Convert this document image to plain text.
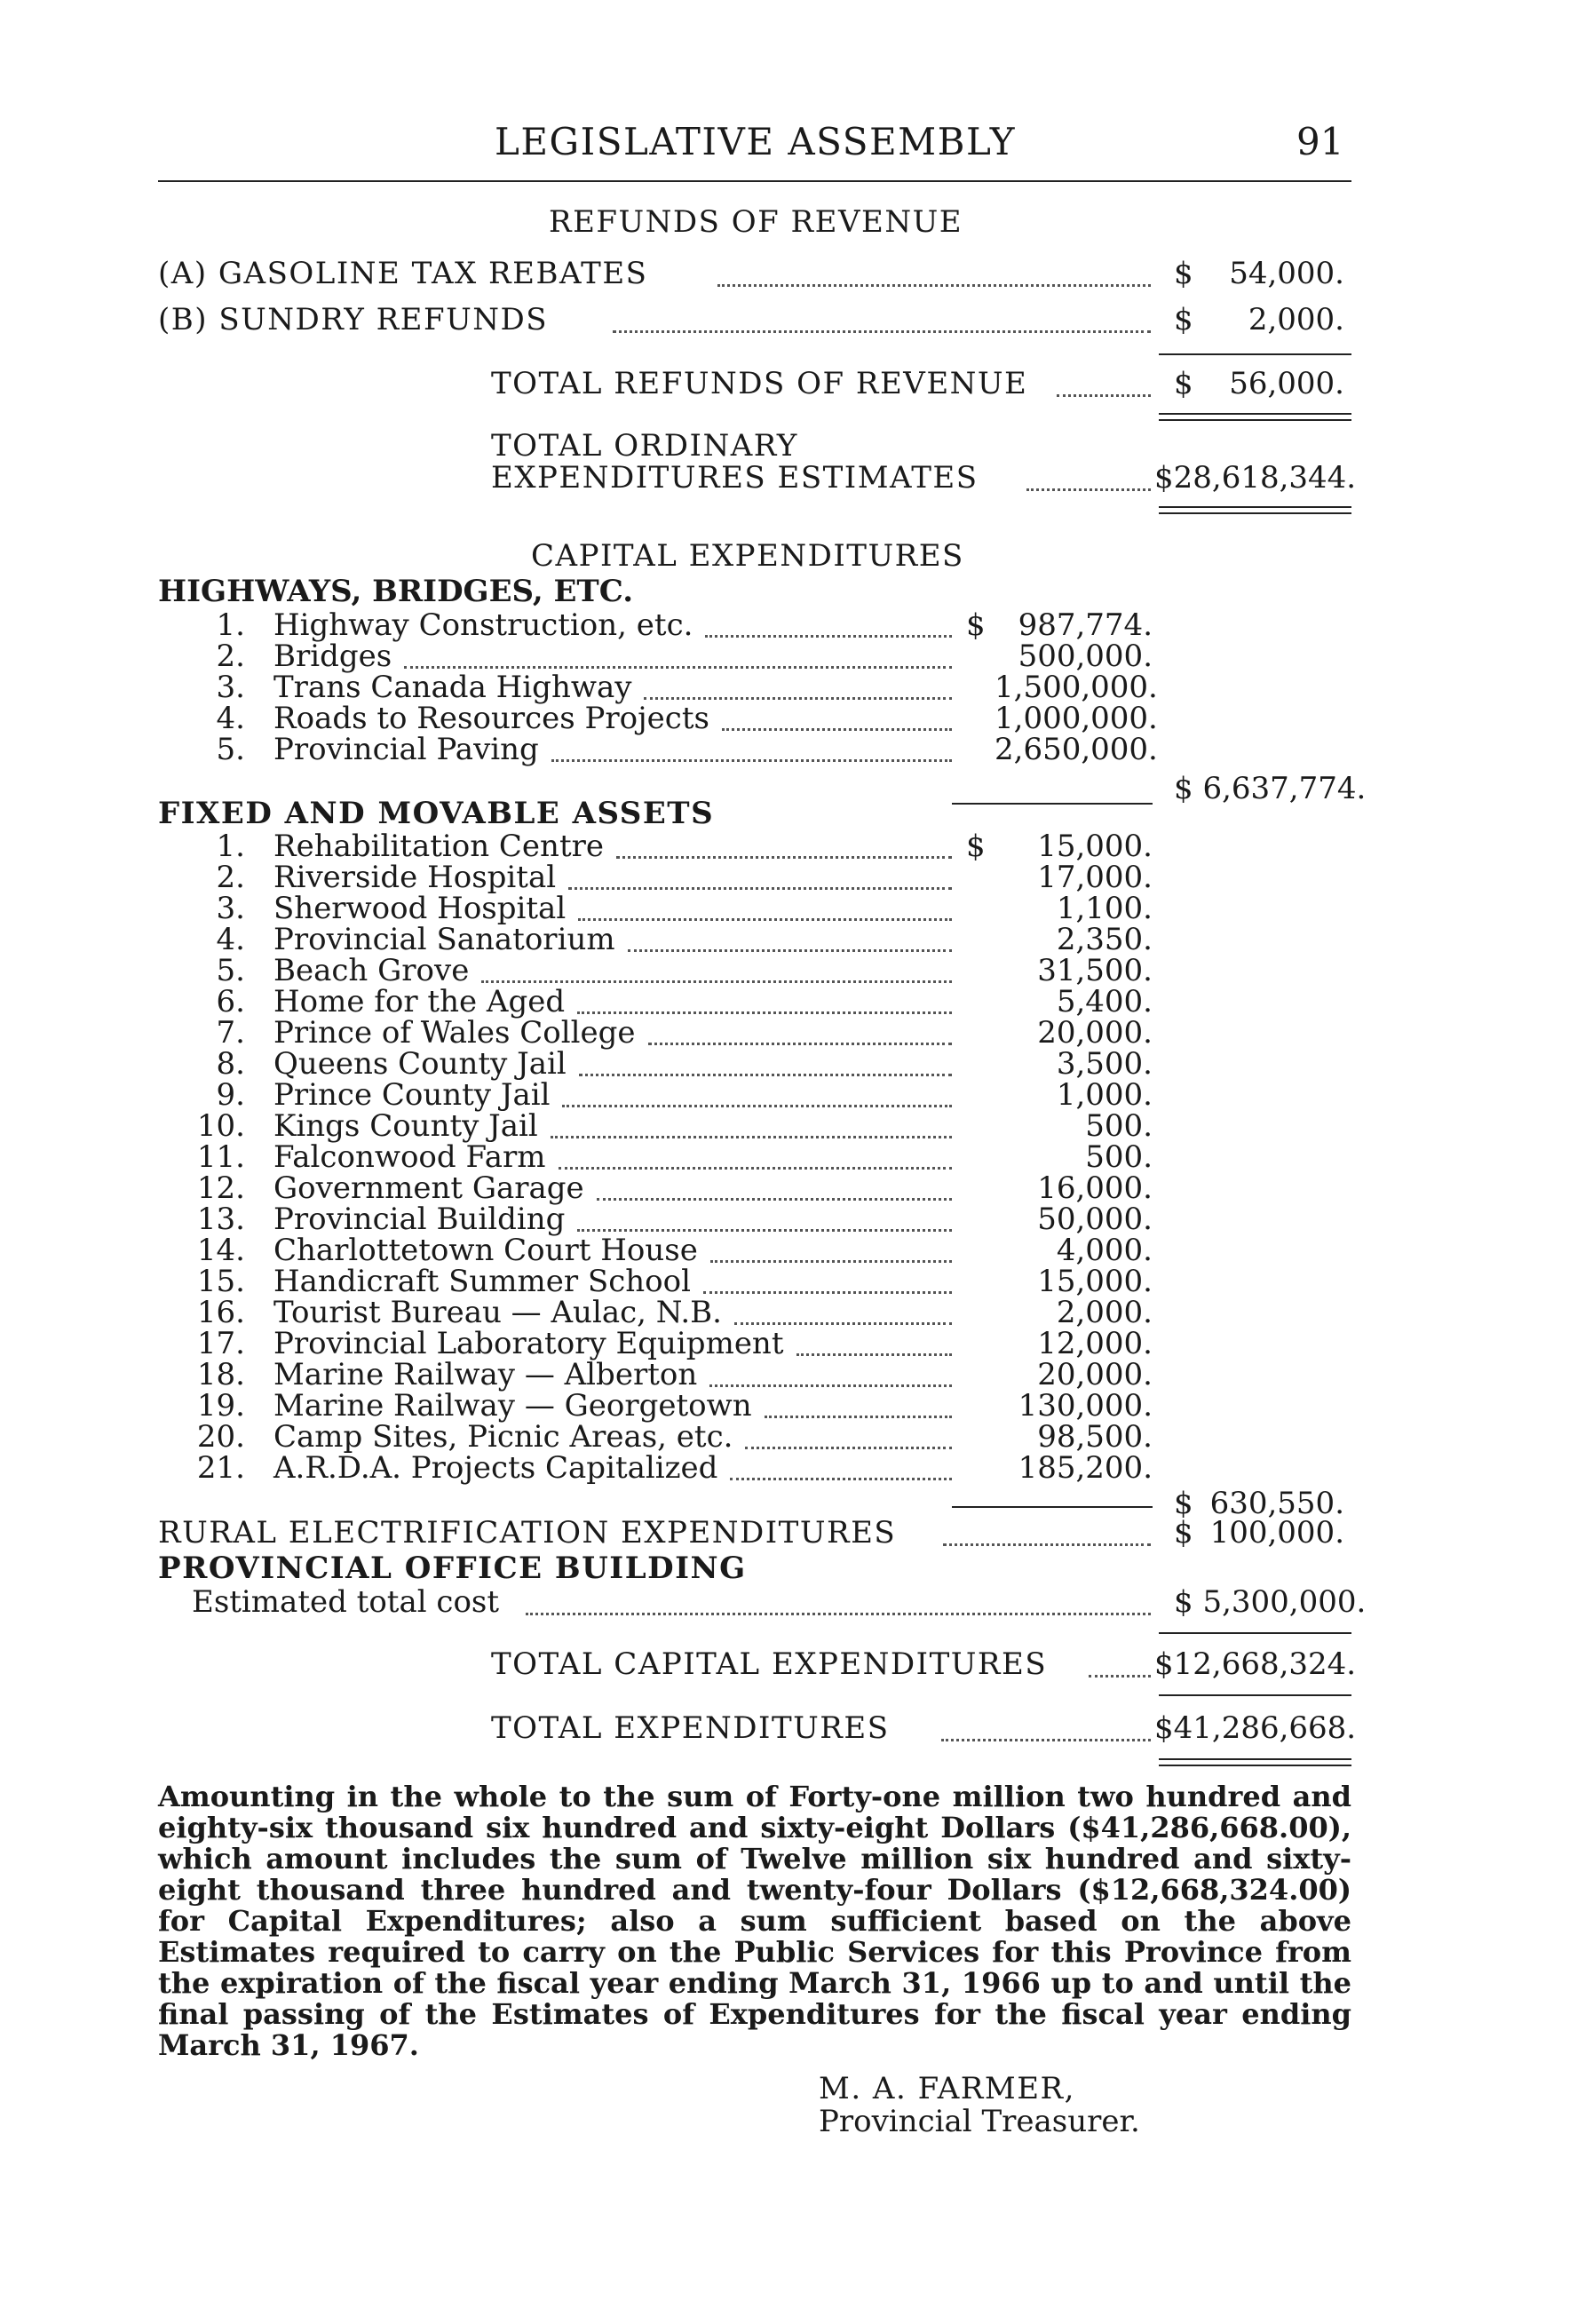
LEGISLATIVE ASSEMBLY	91
REFUNDS OF REVENUE
(A) GASOLINE TAX REBATES	$	54,000.
(B) SUNDRY REFUNDS	$	2,000.
TOTAL REFUNDS OF REVENUE	$	56,000.
TOTAL ORDINARY
EXPENDITURES ESTIMATES	$28,618,344.
CAPITAL EXPENDITURES
HIGHWAYS, BRIDGES, ETC.
1. Highway Construction, etc.	$	987,774.
2. Bridges	500,000.
3. Trans Canada Highway	1,500,000.
4. Roads to Resources Projects	1,000,000.
5. Provincial Paving	2,650,000.
$ 6,637,774.
FIXED AND MOVABLE ASSETS
1. Rehabilitation Centre	$	15,000.
2. Riverside Hospital	17,000.
3. Sherwood Hospital	1,100.
4. Provincial Sanatorium	2,350.
5. Beach Grove	31,500.
6. Home for the Aged	5,400.
7. Prince of Wales College	20,000.
8. Queens County Jail	3,500.
9. Prince County Jail	1,000.
10. Kings County Jail	500.
11. Falconwood Farm	500.
12. Government Garage	16,000.
13. Provincial Building	50,000.
14. Charlottetown Court House	4,000.
15. Handicraft Summer School	15,000.
16. Tourist Bureau — Aulac, N.B.	2,000.
17. Provincial Laboratory Equipment	12,000.
18. Marine Railway — Alberton	20,000.
19. Marine Railway — Georgetown	130,000.
20. Camp Sites, Picnic Areas, etc.	98,500.
21. A.R.D.A. Projects Capitalized	185,200.
$ 630,550.
RURAL ELECTRIFICATION EXPENDITURES	$ 100,000.
PROVINCIAL OFFICE BUILDING
Estimated total cost	$ 5,300,000.
TOTAL CAPITAL EXPENDITURES	$12,668,324.
TOTAL EXPENDITURES	$41,286,668.
Amounting in the whole to the sum of Forty-one million two hundred and eighty-six thousand six hundred and sixty-eight Dollars ($41,286,668.00), which amount includes the sum of Twelve million six hundred and sixty-eight thousand three hundred and twenty-four Dollars ($12,668,324.00) for Capital Expenditures; also a sum sufficient based on the above Estimates required to carry on the Public Services for this Province from the expiration of the fiscal year ending March 31, 1966 up to and until the final passing of the Estimates of Expenditures for the fiscal year ending March 31, 1967.
M. A. FARMER,
Provincial Treasurer.
